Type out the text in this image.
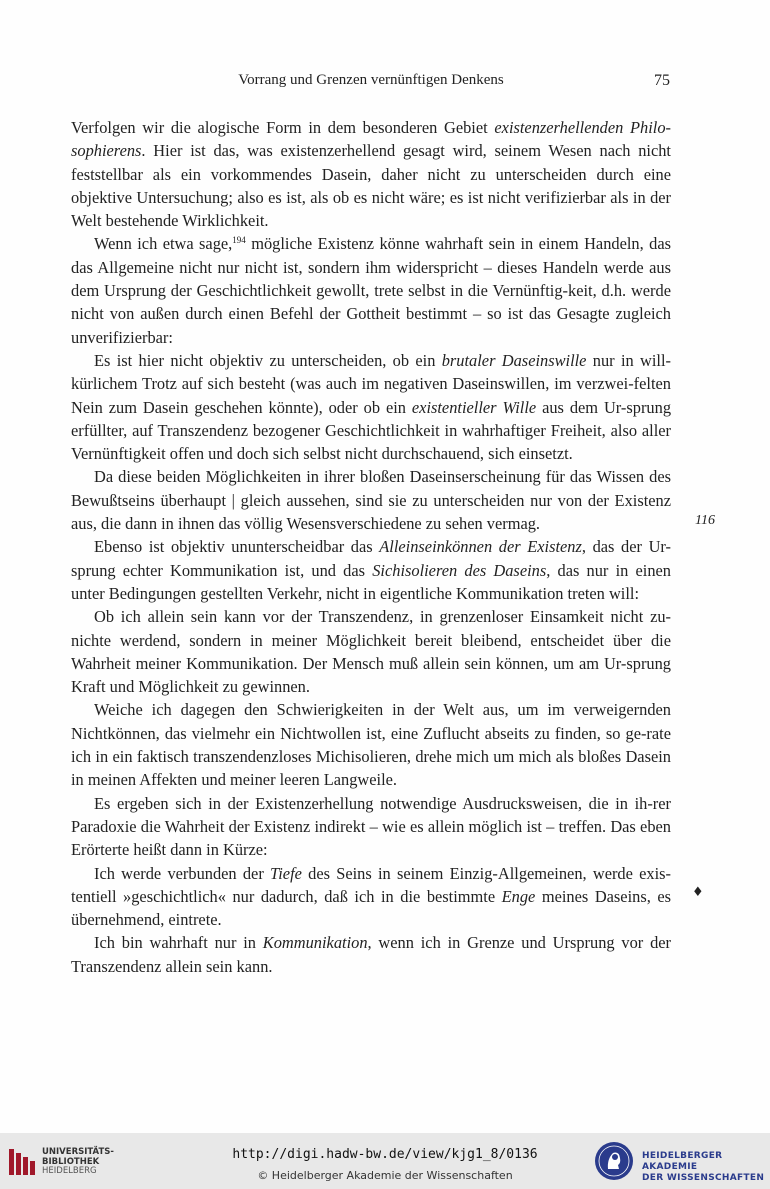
Vorrang und Grenzen vernünftigen Denkens	75

Verfolgen wir die alogische Form in dem besonderen Gebiet existenzerhellenden Philo-sophierens. Hier ist das, was existenzerhellend gesagt wird, seinem Wesen nach nicht feststellbar als ein vorkommendes Dasein, daher nicht zu unterscheiden durch eine objektive Untersuchung; also es ist, als ob es nicht wäre; es ist nicht verifizierbar als in der Welt bestehende Wirklichkeit.

Wenn ich etwa sage,$^{194}$ mögliche Existenz könne wahrhaft sein in einem Handeln, das das Allgemeine nicht nur nicht ist, sondern ihm widerspricht – dieses Handeln werde aus dem Ursprung der Geschichtlichkeit gewollt, trete selbst in die Vernünftig-keit, d.h. werde nicht von außen durch einen Befehl der Gottheit bestimmt – so ist das Gesagte zugleich unverifizierbar:

Es ist hier nicht objektiv zu unterscheiden, ob ein brutaler Daseinswille nur in will-kürlichem Trotz auf sich besteht (was auch im negativen Daseinswillen, im verzwei-felten Nein zum Dasein geschehen könnte), oder ob ein existentieller Wille aus dem Ur-sprung erfüllter, auf Transzendenz bezogener Geschichtlichkeit in wahrhaftiger Freiheit, also aller Vernünftigkeit offen und doch sich selbst nicht durchschauend, sich einsetzt.

Da diese beiden Möglichkeiten in ihrer bloßen Daseinserscheinung für das Wissen des Bewußtseins überhaupt | gleich aussehen, sind sie zu unterscheiden nur von der Existenz aus, die dann in ihnen das völlig Wesensverschiedene zu sehen vermag.

Ebenso ist objektiv ununterscheidbar das Alleinseinkönnen der Existenz, das der Ur-sprung echter Kommunikation ist, und das Sichisolieren des Daseins, das nur in einen unter Bedingungen gestellten Verkehr, nicht in eigentliche Kommunikation treten will:

Ob ich allein sein kann vor der Transzendenz, in grenzenloser Einsamkeit nicht zu-nichte werdend, sondern in meiner Möglichkeit bereit bleibend, entscheidet über die Wahrheit meiner Kommunikation. Der Mensch muß allein sein können, um am Ur-sprung Kraft und Möglichkeit zu gewinnen.

Weiche ich dagegen den Schwierigkeiten in der Welt aus, um im verweigernden Nichtkönnen, das vielmehr ein Nichtwollen ist, eine Zuflucht abseits zu finden, so ge-rate ich in ein faktisch transzendenzloses Michisolieren, drehe mich um mich als bloßes Dasein in meinen Affekten und meiner leeren Langweile.

Es ergeben sich in der Existenzerhellung notwendige Ausdrucksweisen, die in ih-rer Paradoxie die Wahrheit der Existenz indirekt – wie es allein möglich ist – treffen. Das eben Erörterte heißt dann in Kürze:

Ich werde verbunden der Tiefe des Seins in seinem Einzig-Allgemeinen, werde exis-tentiell »geschichtlich« nur dadurch, daß ich in die bestimmte Enge meines Daseins, es übernehmend, eintrete.

Ich bin wahrhaft nur in Kommunikation, wenn ich in Grenze und Ursprung vor der Transzendenz allein sein kann.

116
♦
UNIVERSITÄTS-
BIBLIOTHEK
HEIDELBERG
http://digi.hadw-bw.de/view/kjg1_8/0136
© Heidelberger Akademie der Wissenschaften
HEIDELBERGER AKADEMIE
DER WISSENSCHAFTEN
